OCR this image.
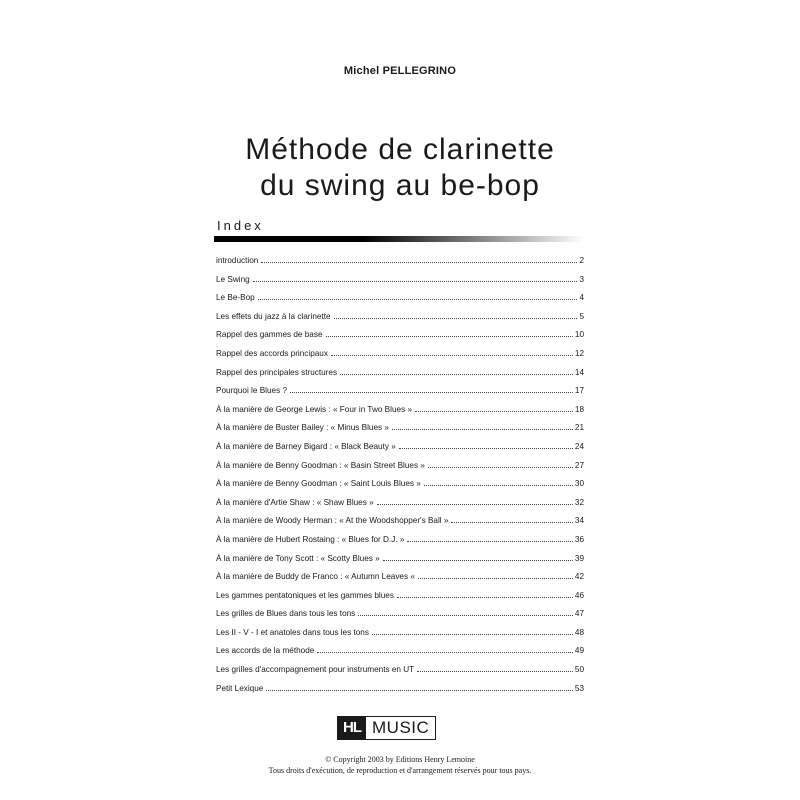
Michel PELLEGRINO
Méthode de clarinette
du swing au be-bop
Index
introduction	2
Le Swing	3
Le Be-Bop	4
Les effets du jazz à la clarinette	5
Rappel des gammes de base	10
Rappel des accords principaux	12
Rappel des principales structures	14
Pourquoi le Blues ?	17
À la manière de George Lewis : « Four in Two Blues »	18
À la manière de Buster Bailey : « Minus Blues »	21
À la manière de Barney Bigard : « Black Beauty »	24
À la manière de Benny Goodman : « Basin Street Blues »	27
À la manière de Benny Goodman : « Saint Louis Blues »	30
À la manière d'Artie Shaw : « Shaw Blues »	32
À la manière de Woody Herman : « At the Woodshopper's Ball »	34
À la manière de Hubert Rostaing : « Blues for D.J. »	36
À la manière de Tony Scott : « Scotty Blues »	39
À la manière de Buddy de Franco : « Autumn Leaves «	42
Les gammes pentatoniques et les gammes blues	46
Les grilles de Blues dans tous les tons	47
Les II - V - I et anatoles dans tous les tons	48
Les accords de la méthode	49
Les grilles d'accompagnement pour instruments en UT	50
Petit Lexique	53
HL MUSIC
© Copyright 2003 by Editions Henry Lemoine
Tous droits d'exécution, de reproduction et d'arrangement réservés pour tous pays.
